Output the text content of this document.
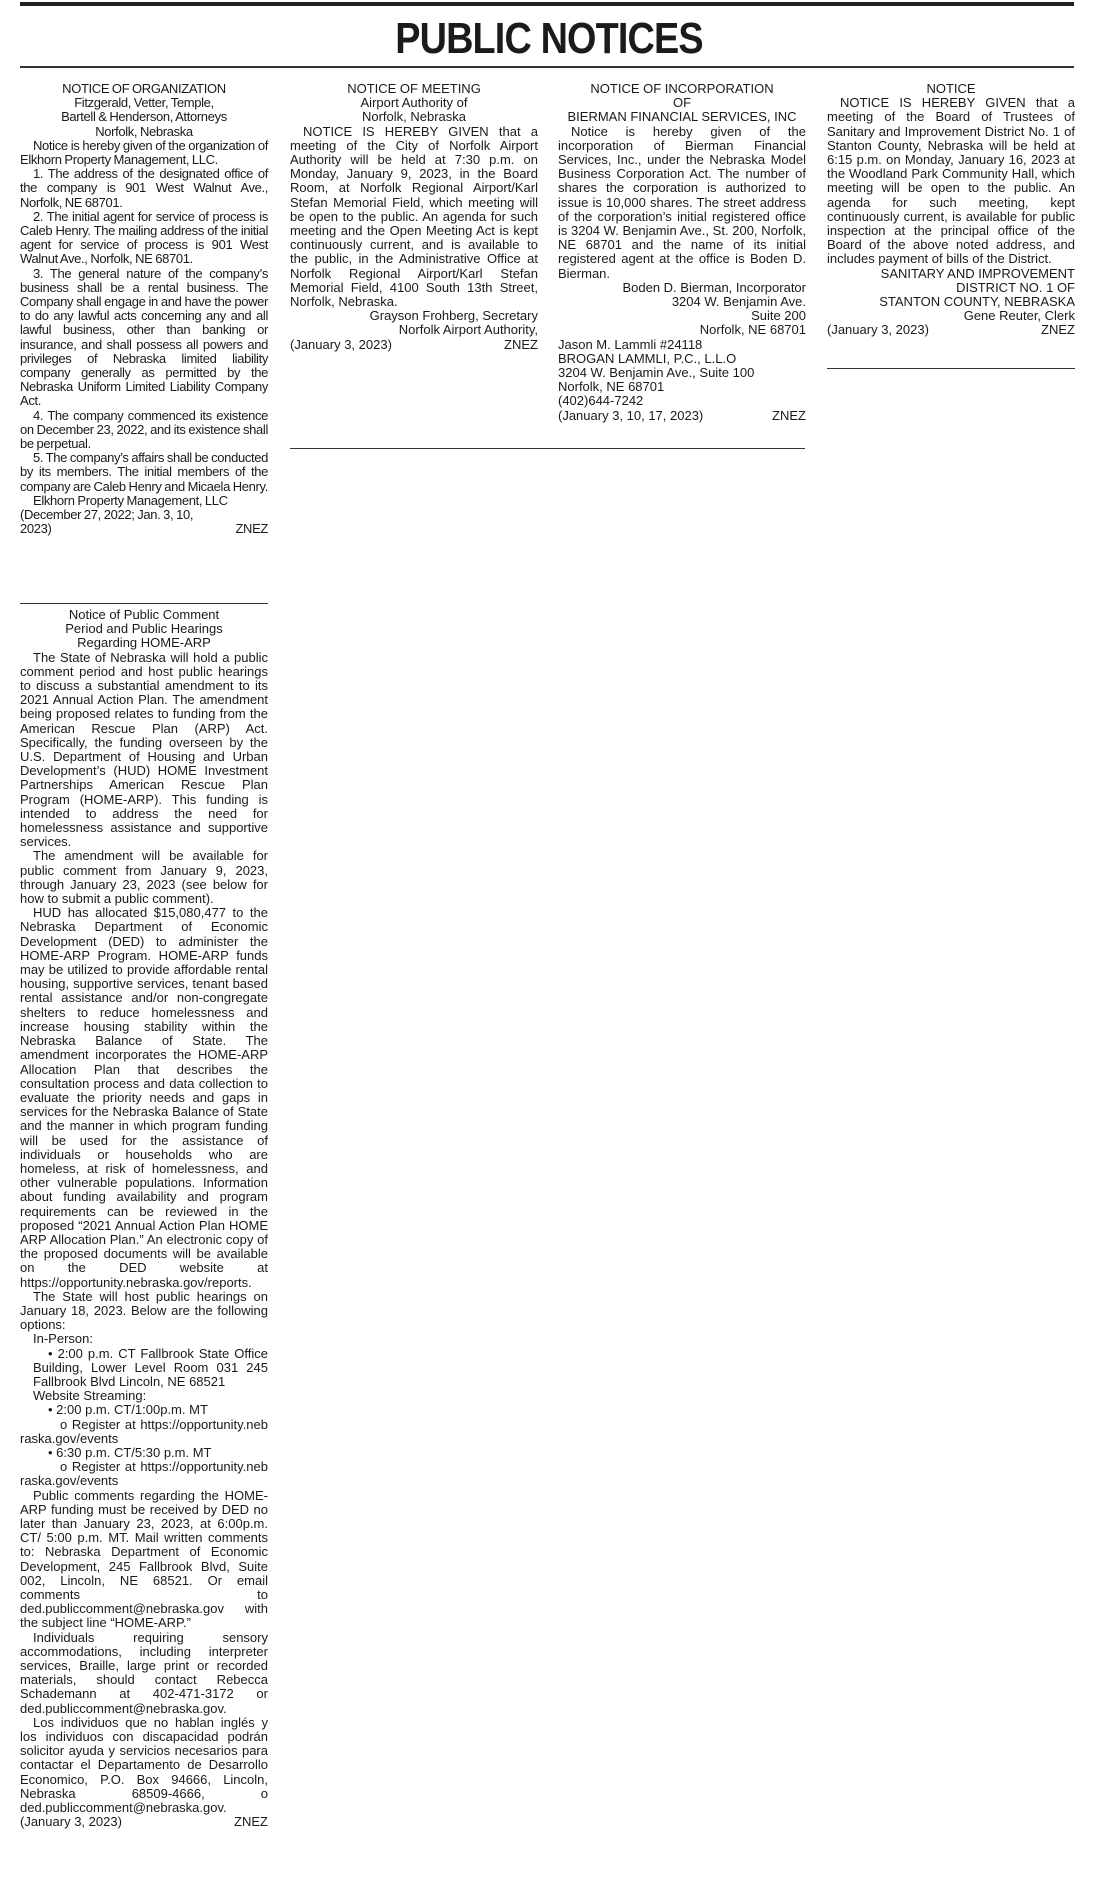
PUBLIC NOTICES
NOTICE OF ORGANIZATION
Fitzgerald, Vetter, Temple,
Bartell & Henderson, Attorneys
Norfolk, Nebraska
Notice is hereby given of the organization of Elkhorn Property Management, LLC.
1. The address of the designated office of the company is 901 West Walnut Ave., Norfolk, NE 68701.
2. The initial agent for service of process is Caleb Henry. The mailing address of the initial agent for service of process is 901 West Walnut Ave., Norfolk, NE 68701.
3. The general nature of the company’s business shall be a rental business. The Company shall engage in and have the power to do any lawful acts concerning any and all lawful business, other than banking or insurance, and shall possess all powers and privileges of Nebraska limited liability company generally as permitted by the Nebraska Uniform Limited Liability Company Act.
4. The company commenced its existence on December 23, 2022, and its existence shall be perpetual.
5. The company’s affairs shall be conducted by its members. The initial members of the company are Caleb Henry and Micaela Henry.
Elkhorn Property Management, LLC
(December 27, 2022; Jan. 3, 10, 2023)	ZNEZ
Notice of Public Comment
Period and Public Hearings
Regarding HOME-ARP
The State of Nebraska will hold a public comment period and host public hearings to discuss a substantial amendment to its 2021 Annual Action Plan. The amendment being proposed relates to funding from the American Rescue Plan (ARP) Act. Specifically, the funding overseen by the U.S. Department of Housing and Urban Development’s (HUD) HOME Investment Partnerships American Rescue Plan Program (HOME-ARP). This funding is intended to address the need for homelessness assistance and supportive services.
The amendment will be available for public comment from January 9, 2023, through January 23, 2023 (see below for how to submit a public comment).
HUD has allocated $15,080,477 to the Nebraska Department of Economic Development (DED) to administer the HOME-ARP Program. HOME-ARP funds may be utilized to provide affordable rental housing, supportive services, tenant based rental assistance and/or non-congregate shelters to reduce homelessness and increase housing stability within the Nebraska Balance of State. The amendment incorporates the HOME-ARP Allocation Plan that describes the consultation process and data collection to evaluate the priority needs and gaps in services for the Nebraska Balance of State and the manner in which program funding will be used for the assistance of individuals or households who are homeless, at risk of homelessness, and other vulnerable populations. Information about funding availability and program requirements can be reviewed in the proposed “2021 Annual Action Plan HOME ARP Allocation Plan.” An electronic copy of the proposed documents will be available on the DED website at https://opportunity.nebraska.gov/reports.
The State will host public hearings on January 18, 2023. Below are the following options:
In-Person:
• 2:00 p.m. CT Fallbrook State Office Building, Lower Level Room 031 245 Fallbrook Blvd Lincoln, NE 68521
Website Streaming:
• 2:00 p.m. CT/1:00p.m. MT
o Register at https://opportunity.nebraska.gov/events
• 6:30 p.m. CT/5:30 p.m. MT
o Register at https://opportunity.nebraska.gov/events
Public comments regarding the HOME-ARP funding must be received by DED no later than January 23, 2023, at 6:00p.m. CT/ 5:00 p.m. MT. Mail written comments to: Nebraska Department of Economic Development, 245 Fallbrook Blvd, Suite 002, Lincoln, NE 68521. Or email comments to ded.publiccomment@nebraska.gov with the subject line “HOME-ARP.”
Individuals requiring sensory accommodations, including interpreter services, Braille, large print or recorded materials, should contact Rebecca Schademann at 402-471-3172 or ded.publiccomment@nebraska.gov.
Los individuos que no hablan inglés y los individuos con discapacidad podrán solicitor ayuda y servicios necesarios para contactar el Departamento de Desarrollo Economico, P.O. Box 94666, Lincoln, Nebraska 68509-4666, o ded.publiccomment@nebraska.gov.
(January 3, 2023)	ZNEZ
NOTICE OF MEETING
Airport Authority of
Norfolk, Nebraska
NOTICE IS HEREBY GIVEN that a meeting of the City of Norfolk Airport Authority will be held at 7:30 p.m. on Monday, January 9, 2023, in the Board Room, at Norfolk Regional Airport/Karl Stefan Memorial Field, which meeting will be open to the public. An agenda for such meeting and the Open Meeting Act is kept continuously current, and is available to the public, in the Administrative Office at Norfolk Regional Airport/Karl Stefan Memorial Field, 4100 South 13th Street, Norfolk, Nebraska.
Grayson Frohberg, Secretary
Norfolk Airport Authority,
(January 3, 2023)	ZNEZ
NOTICE OF INCORPORATION
OF
BIERMAN FINANCIAL SERVICES, INC
Notice is hereby given of the incorporation of Bierman Financial Services, Inc., under the Nebraska Model Business Corporation Act. The number of shares the corporation is authorized to issue is 10,000 shares. The street address of the corporation’s initial registered office is 3204 W. Benjamin Ave., St. 200, Norfolk, NE 68701 and the name of its initial registered agent at the office is Boden D. Bierman.
Boden D. Bierman, Incorporator
3204 W. Benjamin Ave.
Suite 200
Norfolk, NE 68701
Jason M. Lammli #24118
BROGAN LAMMLI, P.C., L.L.O
3204 W. Benjamin Ave., Suite 100
Norfolk, NE 68701
(402)644-7242
(January 3, 10, 17, 2023)	ZNEZ
NOTICE
NOTICE IS HEREBY GIVEN that a meeting of the Board of Trustees of Sanitary and Improvement District No. 1 of Stanton County, Nebraska will be held at 6:15 p.m. on Monday, January 16, 2023 at the Woodland Park Community Hall, which meeting will be open to the public. An agenda for such meeting, kept continuously current, is available for public inspection at the principal office of the Board of the above noted address, and includes payment of bills of the District.
SANITARY AND IMPROVEMENT
DISTRICT NO. 1 OF
STANTON COUNTY, NEBRASKA
Gene Reuter, Clerk
(January 3, 2023)	ZNEZ
